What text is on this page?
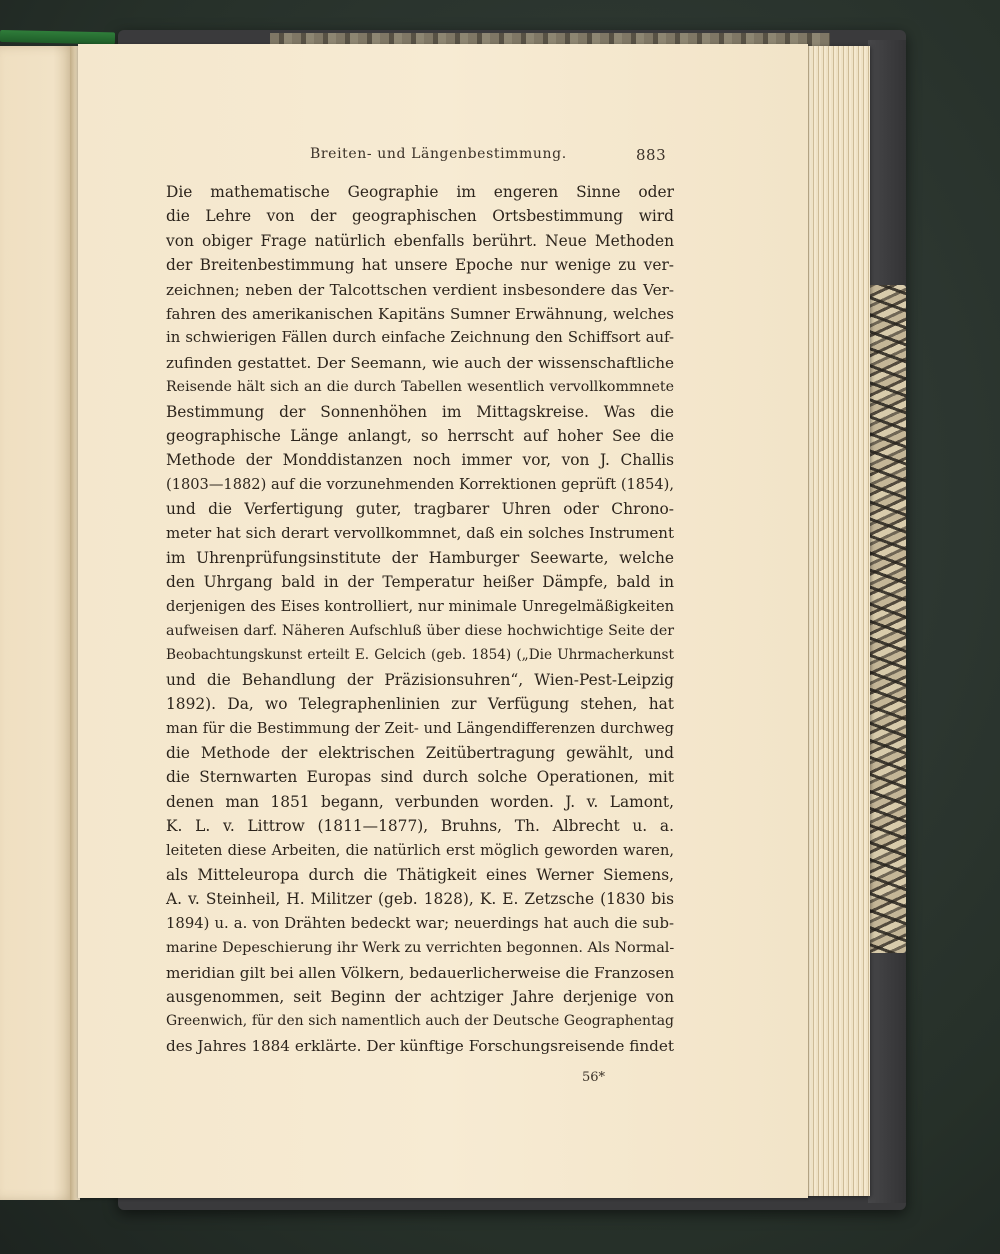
Breiten- und Längenbestimmung.	883
Die mathematische Geographie im engeren Sinne oder
die Lehre von der geographischen Ortsbestimmung wird
von obiger Frage natürlich ebenfalls berührt. Neue Methoden
der Breitenbestimmung hat unsere Epoche nur wenige zu ver-
zeichnen; neben der Talcottschen verdient insbesondere das Ver-
fahren des amerikanischen Kapitäns Sumner Erwähnung, welches
in schwierigen Fällen durch einfache Zeichnung den Schiffsort auf-
zufinden gestattet. Der Seemann, wie auch der wissenschaftliche
Reisende hält sich an die durch Tabellen wesentlich vervollkommnete
Bestimmung der Sonnenhöhen im Mittagskreise. Was die
geographische Länge anlangt, so herrscht auf hoher See die
Methode der Monddistanzen noch immer vor, von J. Challis
(1803—1882) auf die vorzunehmenden Korrektionen geprüft (1854),
und die Verfertigung guter, tragbarer Uhren oder Chrono-
meter hat sich derart vervollkommnet, daß ein solches Instrument
im Uhrenprüfungsinstitute der Hamburger Seewarte, welche
den Uhrgang bald in der Temperatur heißer Dämpfe, bald in
derjenigen des Eises kontrolliert, nur minimale Unregelmäßigkeiten
aufweisen darf. Näheren Aufschluß über diese hochwichtige Seite der
Beobachtungskunst erteilt E. Gelcich (geb. 1854) („Die Uhrmacherkunst
und die Behandlung der Präzisionsuhren“, Wien-Pest-Leipzig
1892). Da, wo Telegraphenlinien zur Verfügung stehen, hat
man für die Bestimmung der Zeit- und Längendifferenzen durchweg
die Methode der elektrischen Zeitübertragung gewählt, und
die Sternwarten Europas sind durch solche Operationen, mit
denen man 1851 begann, verbunden worden. J. v. Lamont,
K. L. v. Littrow (1811—1877), Bruhns, Th. Albrecht u. a.
leiteten diese Arbeiten, die natürlich erst möglich geworden waren,
als Mitteleuropa durch die Thätigkeit eines Werner Siemens,
A. v. Steinheil, H. Militzer (geb. 1828), K. E. Zetzsche (1830 bis
1894) u. a. von Drähten bedeckt war; neuerdings hat auch die sub-
marine Depeschierung ihr Werk zu verrichten begonnen. Als Normal-
meridian gilt bei allen Völkern, bedauerlicherweise die Franzosen
ausgenommen, seit Beginn der achtziger Jahre derjenige von
Greenwich, für den sich namentlich auch der Deutsche Geographentag
des Jahres 1884 erklärte. Der künftige Forschungsreisende findet
56*
